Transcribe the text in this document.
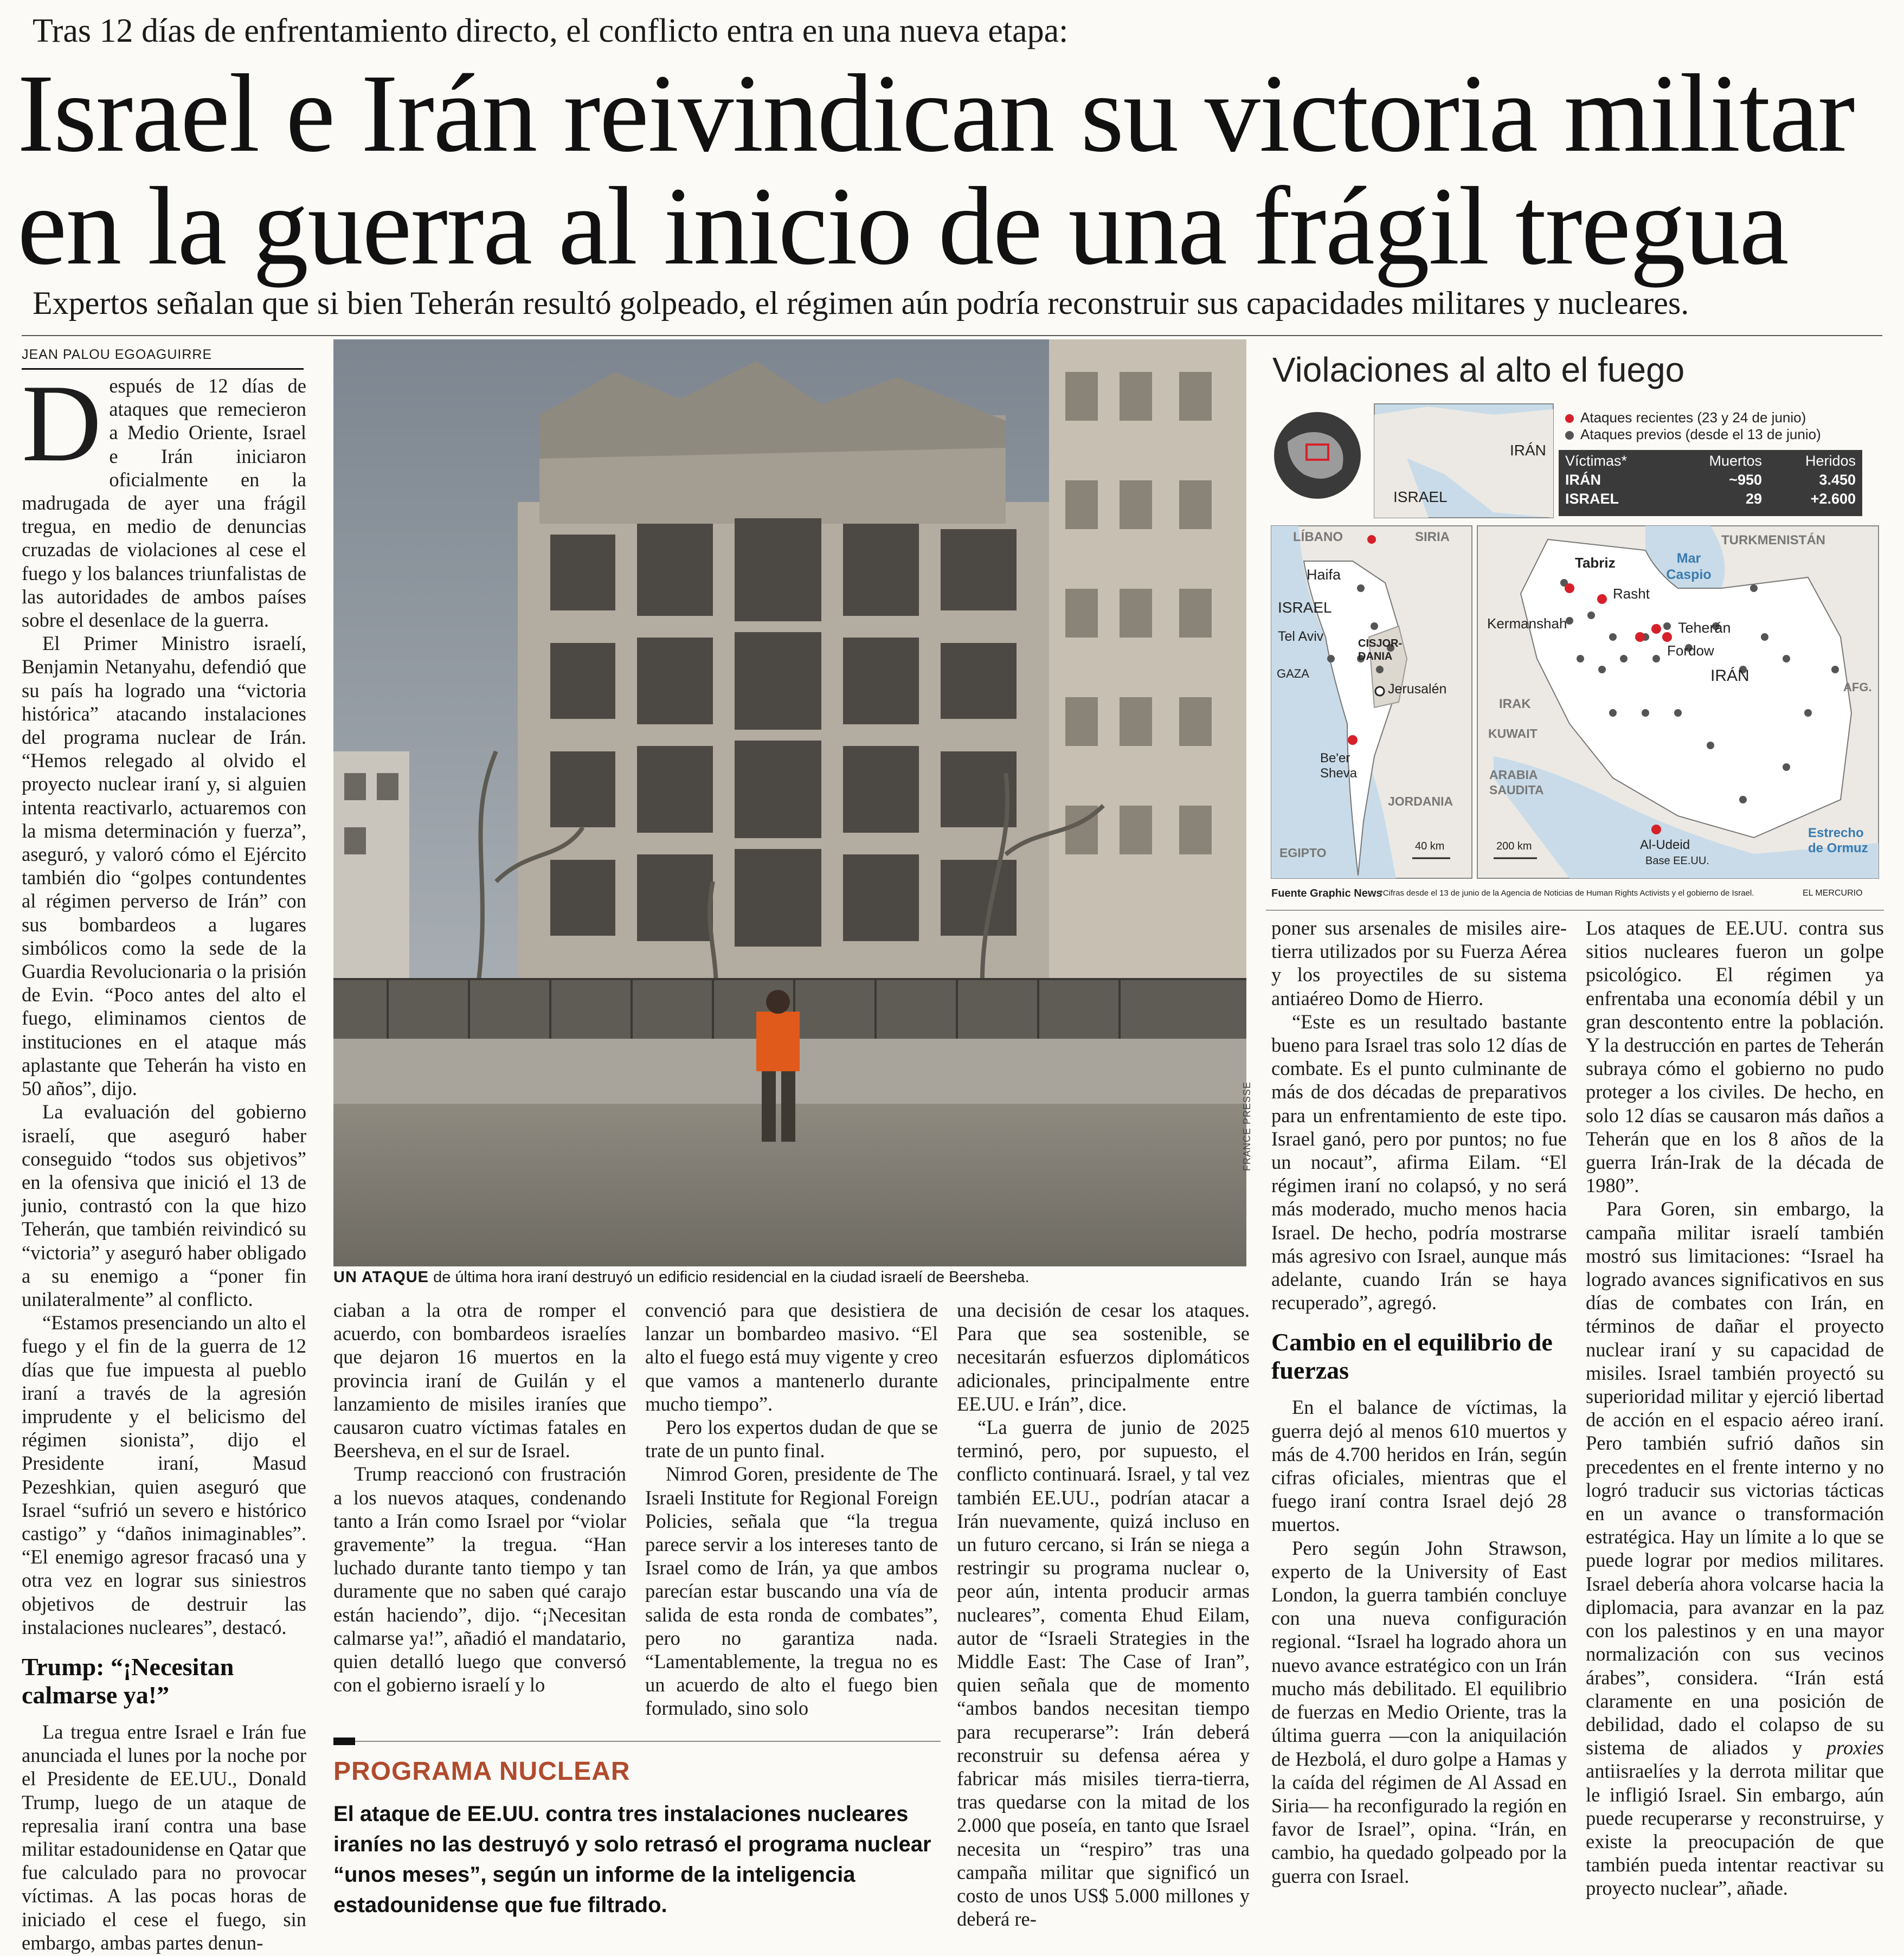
Tras 12 días de enfrentamiento directo, el conflicto entra en una nueva etapa:
Israel e Irán reivindican su victoria militar en la guerra al inicio de una frágil tregua
Expertos señalan que si bien Teherán resultó golpeado, el régimen aún podría reconstruir sus capacidades militares y nucleares.
JEAN PALOU EGOAGUIRRE

Después de 12 días de ataques que remecieron a Medio Oriente, Israel e Irán iniciaron oficialmente en la madrugada de ayer una frágil tregua, en medio de denuncias cruzadas de violaciones al cese el fuego y los balances triunfalistas de las autoridades de ambos países sobre el desenlace de la guerra.

El Primer Ministro israelí, Benjamin Netanyahu, defendió que su país ha logrado una “victoria histórica” atacando instalaciones del programa nuclear de Irán. “Hemos relegado al olvido el proyecto nuclear iraní y, si alguien intenta reactivarlo, actuaremos con la misma determinación y fuerza”, aseguró, y valoró cómo el Ejército también dio “golpes contundentes al régimen perverso de Irán” con sus bombardeos a lugares simbólicos como la sede de la Guardia Revolucionaria o la prisión de Evin. “Poco antes del alto el fuego, eliminamos cientos de instituciones en el ataque más aplastante que Teherán ha visto en 50 años”, dijo.

La evaluación del gobierno israelí, que aseguró haber conseguido “todos sus objetivos” en la ofensiva que inició el 13 de junio, contrastó con la que hizo Teherán, que también reivindicó su “victoria” y aseguró haber obligado a su enemigo a “poner fin unilateralmente” al conflicto.

“Estamos presenciando un alto el fuego y el fin de la guerra de 12 días que fue impuesta al pueblo iraní a través de la agresión imprudente y el belicismo del régimen sionista”, dijo el Presidente iraní, Masud Pezeshkian, quien aseguró que Israel “sufrió un severo e histórico castigo” y “daños inimaginables”. “El enemigo agresor fracasó una y otra vez en lograr sus siniestros objetivos de destruir las instalaciones nucleares”, destacó.

Trump: “¡Necesitan calmarse ya!”

La tregua entre Israel e Irán fue anunciada el lunes por la noche por el Presidente de EE.UU., Donald Trump, luego de un ataque de represalia iraní contra una base militar estadounidense en Qatar que fue calculado para no provocar víctimas. A las pocas horas de iniciado el cese el fuego, sin embargo, ambas partes denun-

FRANCE PRESSE
UN ATAQUE de última hora iraní destruyó un edificio residencial en la ciudad israelí de Beersheba.

ciaban a la otra de romper el acuerdo, con bombardeos israelíes que dejaron 16 muertos en la provincia iraní de Guilán y el lanzamiento de misiles iraníes que causaron cuatro víctimas fatales en Beersheva, en el sur de Israel.

Trump reaccionó con frustración a los nuevos ataques, condenando tanto a Irán como Israel por “violar gravemente” la tregua. “Han luchado durante tanto tiempo y tan duramente que no saben qué carajo están haciendo”, dijo. “¡Necesitan calmarse ya!”, añadió el mandatario, quien detalló luego que conversó con el gobierno israelí y lo

convenció para que desistiera de lanzar un bombardeo masivo. “El alto el fuego está muy vigente y creo que vamos a mantenerlo durante mucho tiempo”.

Pero los expertos dudan de que se trate de un punto final.

Nimrod Goren, presidente de The Israeli Institute for Regional Foreign Policies, señala que “la tregua parece servir a los intereses tanto de Israel como de Irán, ya que ambos parecían estar buscando una vía de salida de esta ronda de combates”, pero no garantiza nada. “Lamentablemente, la tregua no es un acuerdo de alto el fuego bien formulado, sino solo

una decisión de cesar los ataques. Para que sea sostenible, se necesitarán esfuerzos diplomáticos adicionales, principalmente entre EE.UU. e Irán”, dice.

“La guerra de junio de 2025 terminó, pero, por supuesto, el conflicto continuará. Israel, y tal vez también EE.UU., podrían atacar a Irán nuevamente, quizá incluso en un futuro cercano, si Irán se niega a restringir su programa nuclear o, peor aún, intenta producir armas nucleares”, comenta Ehud Eilam, autor de “Israeli Strategies in the Middle East: The Case of Iran”, quien señala que de momento “ambos bandos necesitan tiempo para recuperarse”: Irán deberá reconstruir su defensa aérea y fabricar más misiles tierra-tierra, tras quedarse con la mitad de los 2.000 que poseía, en tanto que Israel necesita un “respiro” tras una campaña militar que significó un costo de unos US$ 5.000 millones y deberá re-

PROGRAMA NUCLEAR
El ataque de EE.UU. contra tres instalaciones nucleares iraníes no las destruyó y solo retrasó el programa nuclear “unos meses”, según un informe de la inteligencia estadounidense que fue filtrado.
Violaciones al alto el fuego
IRÁN
ISRAEL
Ataques recientes (23 y 24 de junio)
Ataques previos (desde el 13 de junio)
Víctimas*	Muertos	Heridos
IRÁN	~950	3.450
ISRAEL	29	+2.600
LÍBANO	SIRIA
Haifa
ISRAEL
Tel Aviv	CISJOR-DANIA
GAZA
Jerusalén
Be'er Sheva
JORDANIA
EGIPTO	40 km
TURKMENISTÁN
Tabriz	Mar Caspio
Rasht
Kermanshah	Teherán
Fordow
IRÁN
AFG.
IRAK
KUWAIT
ARABIA SAUDITA
Al-Udeid
Base EE.UU.
Estrecho de Ormuz
200 km
Fuente Graphic News
*Cifras desde el 13 de junio de la Agencia de Noticias de Human Rights Activists y el gobierno de Israel.	EL MERCURIO

poner sus arsenales de misiles aire-tierra utilizados por su Fuerza Aérea y los proyectiles de su sistema antiaéreo Domo de Hierro.

“Este es un resultado bastante bueno para Israel tras solo 12 días de combate. Es el punto culminante de más de dos décadas de preparativos para un enfrentamiento de este tipo. Israel ganó, pero por puntos; no fue un nocaut”, afirma Eilam. “El régimen iraní no colapsó, y no será más moderado, mucho menos hacia Israel. De hecho, podría mostrarse más agresivo con Israel, aunque más adelante, cuando Irán se haya recuperado”, agregó.

Cambio en el equilibrio de fuerzas

En el balance de víctimas, la guerra dejó al menos 610 muertos y más de 4.700 heridos en Irán, según cifras oficiales, mientras que el fuego iraní contra Israel dejó 28 muertos.

Pero según John Strawson, experto de la University of East London, la guerra también concluye con una nueva configuración regional. “Israel ha logrado ahora un nuevo avance estratégico con un Irán mucho más debilitado. El equilibrio de fuerzas en Medio Oriente, tras la última guerra —con la aniquilación de Hezbolá, el duro golpe a Hamas y la caída del régimen de Al Assad en Siria— ha reconfigurado la región en favor de Israel”, opina. “Irán, en cambio, ha quedado golpeado por la guerra con Israel.

Los ataques de EE.UU. contra sus sitios nucleares fueron un golpe psicológico. El régimen ya enfrentaba una economía débil y un gran descontento entre la población. Y la destrucción en partes de Teherán subraya cómo el gobierno no pudo proteger a los civiles. De hecho, en solo 12 días se causaron más daños a Teherán que en los 8 años de la guerra Irán-Irak de la década de 1980”.

Para Goren, sin embargo, la campaña militar israelí también mostró sus limitaciones: “Israel ha logrado avances significativos en sus días de combates con Irán, en términos de dañar el proyecto nuclear iraní y su capacidad de misiles. Israel también proyectó su superioridad militar y ejerció libertad de acción en el espacio aéreo iraní. Pero también sufrió daños sin precedentes en el frente interno y no logró traducir sus victorias tácticas en un avance o transformación estratégica. Hay un límite a lo que se puede lograr por medios militares. Israel debería ahora volcarse hacia la diplomacia, para avanzar en la paz con los palestinos y en una mayor normalización con sus vecinos árabes”, considera. “Irán está claramente en una posición de debilidad, dado el colapso de su sistema de aliados y proxies antiisraelíes y la derrota militar que le infligió Israel. Sin embargo, aún puede recuperarse y reconstruirse, y existe la preocupación de que también pueda intentar reactivar su proyecto nuclear”, añade.
